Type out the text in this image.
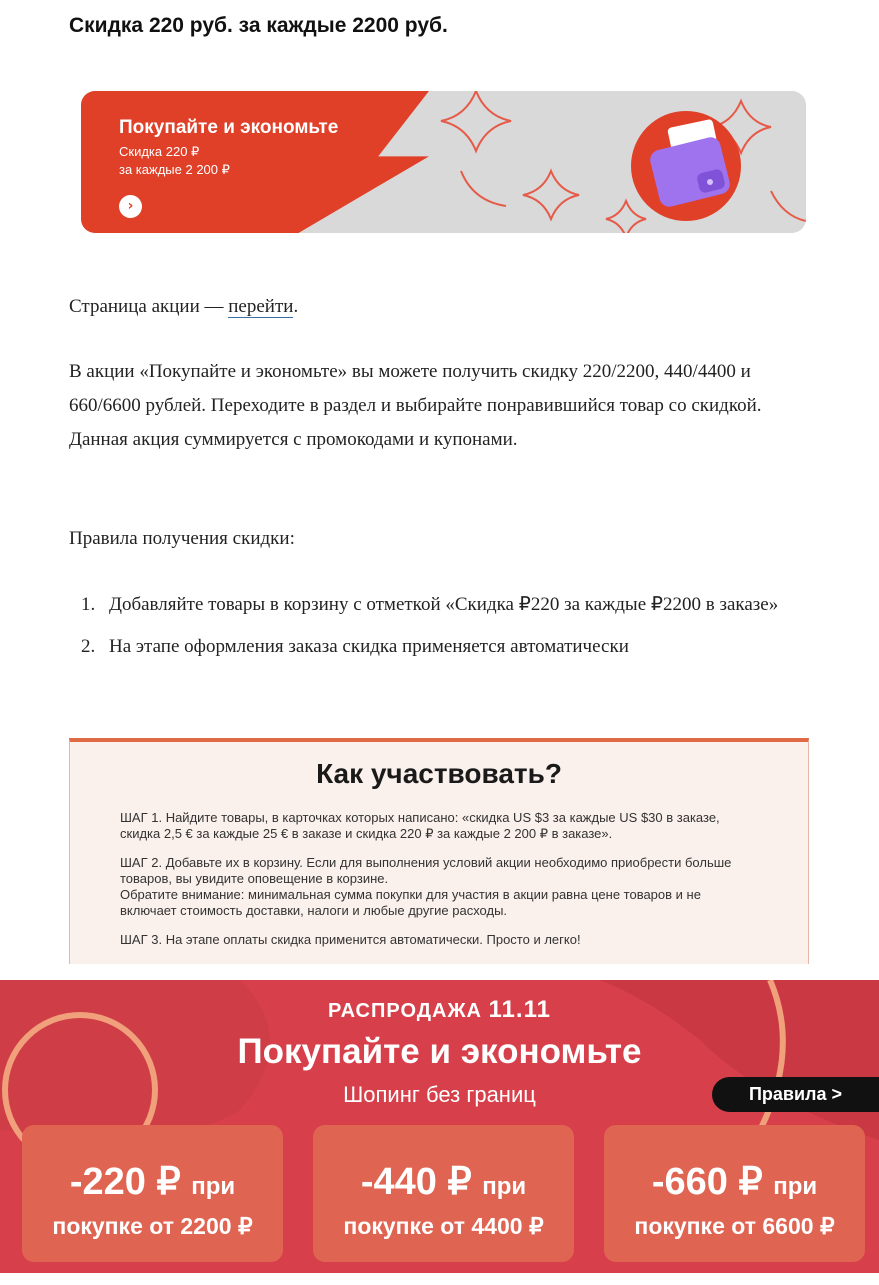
Скидка 220 руб. за каждые 2200 руб.
Покупайте и экономьте
Скидка 220 ₽
за каждые 2 200 ₽
›
Страница акции — перейти.
В акции «Покупайте и экономьте» вы можете получить скидку 220/2200, 440/4400 и 660/6600 рублей. Переходите в раздел и выбирайте понравившийся товар со скидкой. Данная акция суммируется с промокодами и купонами.
Правила получения скидки:
1. Добавляйте товары в корзину с отметкой «Скидка ₽220 за каждые ₽2200 в заказе»
2. На этапе оформления заказа скидка применяется автоматически
Как участвовать?
ШАГ 1. Найдите товары, в карточках которых написано: «скидка US $3 за каждые US $30 в заказе, скидка 2,5 € за каждые 25 € в заказе и скидка 220 ₽ за каждые 2 200 ₽ в заказе».
ШАГ 2. Добавьте их в корзину. Если для выполнения условий акции необходимо приобрести больше товаров, вы увидите оповещение в корзине.
Обратите внимание: минимальная сумма покупки для участия в акции равна цене товаров и не включает стоимость доставки, налоги и любые другие расходы.
ШАГ 3. На этапе оплаты скидка применится автоматически. Просто и легко!
РАСПРОДАЖА 11.11
Покупайте и экономьте
Шопинг без границ	Правила >
-220 ₽ при
покупке от 2200 ₽
-440 ₽ при
покупке от 4400 ₽
-660 ₽ при
покупке от 6600 ₽
